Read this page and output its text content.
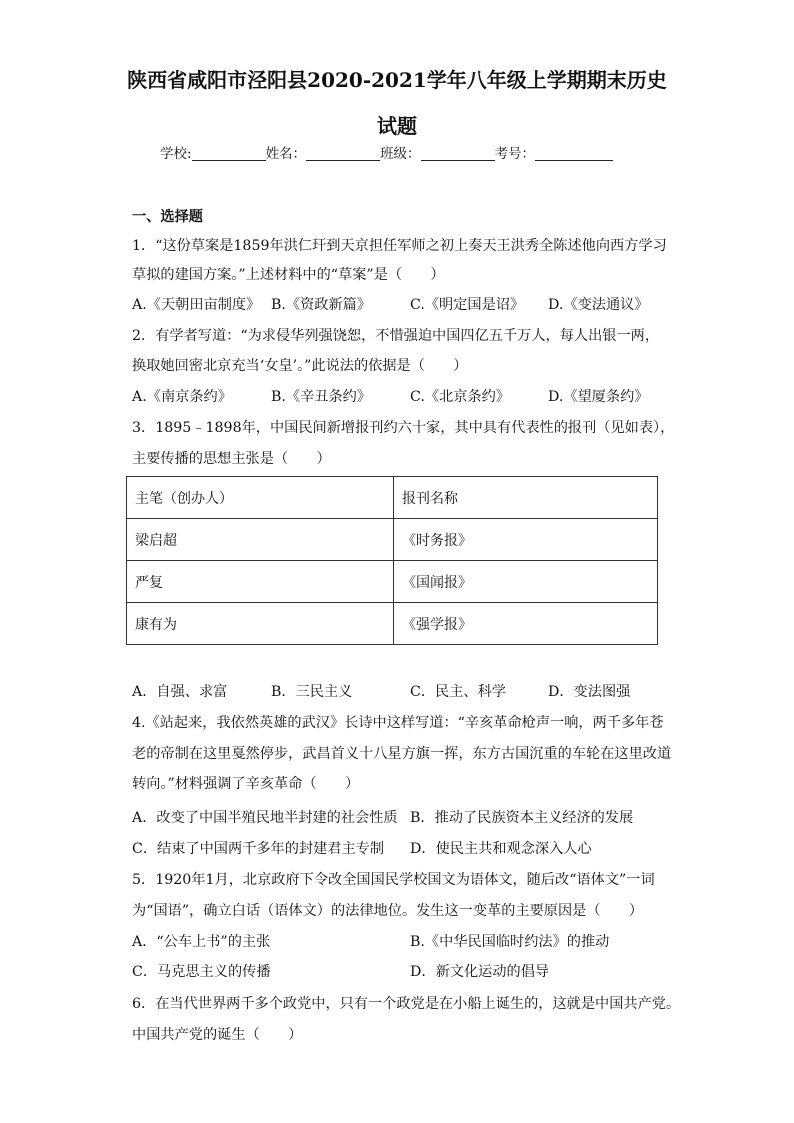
陕西省咸阳市泾阳县2020-2021学年八年级上学期期末历史
试题
学校:	姓名：	班级：	考号：
一、选择题
1．“这份草案是1859年洪仁玕到天京担任军师之初上奏天王洪秀全陈述他向西方学习
草拟的建国方案。”上述材料中的“草案”是（　　）
A.《天朝田亩制度》 B.《资政新篇》	C.《明定国是诏》 D.《变法通议》
2．有学者写道：“为求侵华列强饶恕，不惜强迫中国四亿五千万人，每人出银一两，
换取她回密北京充当‘女皇’。”此说法的依据是（　　）
A.《南京条约》	B.《辛丑条约》	C.《北京条约》	D.《望厦条约》
3．1895﹣1898年，中国民间新增报刊约六十家，其中具有代表性的报刊（见如表），
主要传播的思想主张是（　　）
主笔（创办人）	报刊名称
梁启超	《时务报》
严复	《国闻报》
康有为	《强学报》
A．自强、求富	B．三民主义	C．民主、科学	D．变法图强
4.《站起来，我依然英雄的武汉》长诗中这样写道：“辛亥革命枪声一响，两千多年苍
老的帝制在这里戛然停步，武昌首义十八星方旗一挥，东方古国沉重的车轮在这里改道
转向。”材料强调了辛亥革命（　　）
A．改变了中国半殖民地半封建的社会性质 B．推动了民族资本主义经济的发展
C．结束了中国两千多年的封建君主专制 D．使民主共和观念深入人心
5．1920年1月，北京政府下令改全国国民学校国文为语体文，随后改“语体文”一词
为“国语”，确立白话（语体文）的法律地位。发生这一变革的主要原因是（　　）
A．“公车上书”的主张	B.《中华民国临时约法》的推动
C．马克思主义的传播	D．新文化运动的倡导
6．在当代世界两千多个政党中，只有一个政党是在小船上诞生的，这就是中国共产党。
中国共产党的诞生（　　）
